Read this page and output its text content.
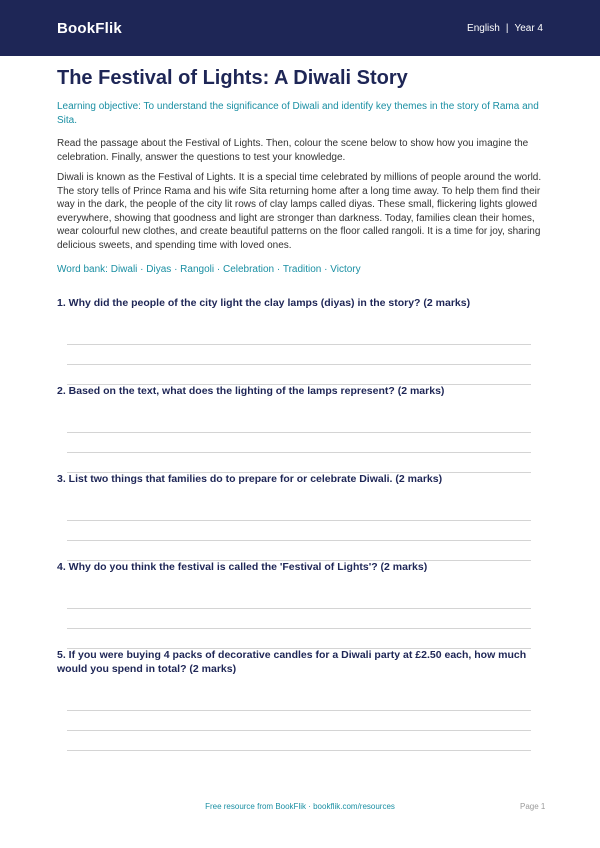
BookFlik	English | Year 4
The Festival of Lights: A Diwali Story

Learning objective: To understand the significance of Diwali and identify key themes in the story of Rama and Sita.

Read the passage about the Festival of Lights. Then, colour the scene below to show how you imagine the celebration. Finally, answer the questions to test your knowledge.

Diwali is known as the Festival of Lights. It is a special time celebrated by millions of people around the world. The story tells of Prince Rama and his wife Sita returning home after a long time away. To help them find their way in the dark, the people of the city lit rows of clay lamps called diyas. These small, flickering lights glowed everywhere, showing that goodness and light are stronger than darkness. Today, families clean their homes, wear colourful new clothes, and create beautiful patterns on the floor called rangoli. It is a time for joy, sharing delicious sweets, and spending time with loved ones.

Word bank: Diwali · Diyas · Rangoli · Celebration · Tradition · Victory

1. Why did the people of the city light the clay lamps (diyas) in the story? (2 marks)

2. Based on the text, what does the lighting of the lamps represent? (2 marks)

3. List two things that families do to prepare for or celebrate Diwali. (2 marks)

4. Why do you think the festival is called the 'Festival of Lights'? (2 marks)

5. If you were buying 4 packs of decorative candles for a Diwali party at £2.50 each, how much would you spend in total? (2 marks)

Free resource from BookFlik · bookflik.com/resources	Page 1
